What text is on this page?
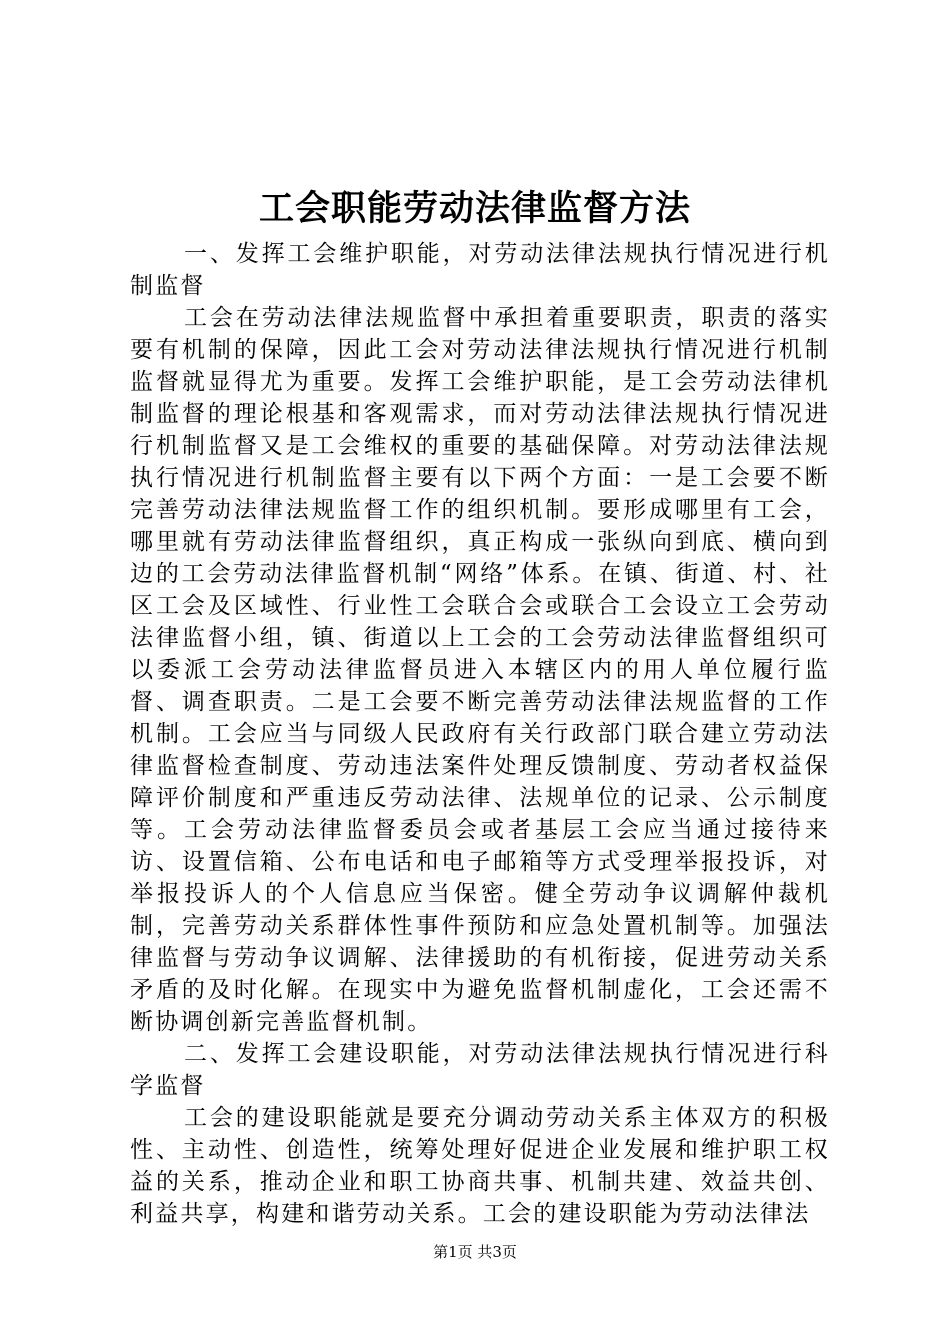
工会职能劳动法律监督方法

一、发挥工会维护职能，对劳动法律法规执行情况进行机制监督

工会在劳动法律法规监督中承担着重要职责，职责的落实要有机制的保障，因此工会对劳动法律法规执行情况进行机制监督就显得尤为重要。发挥工会维护职能，是工会劳动法律机制监督的理论根基和客观需求，而对劳动法律法规执行情况进行机制监督又是工会维权的重要的基础保障。对劳动法律法规执行情况进行机制监督主要有以下两个方面：一是工会要不断完善劳动法律法规监督工作的组织机制。要形成哪里有工会，哪里就有劳动法律监督组织，真正构成一张纵向到底、横向到边的工会劳动法律监督机制“网络”体系。在镇、街道、村、社区工会及区域性、行业性工会联合会或联合工会设立工会劳动法律监督小组，镇、街道以上工会的工会劳动法律监督组织可以委派工会劳动法律监督员进入本辖区内的用人单位履行监督、调查职责。二是工会要不断完善劳动法律法规监督的工作机制。工会应当与同级人民政府有关行政部门联合建立劳动法律监督检查制度、劳动违法案件处理反馈制度、劳动者权益保障评价制度和严重违反劳动法律、法规单位的记录、公示制度等。工会劳动法律监督委员会或者基层工会应当通过接待来访、设置信箱、公布电话和电子邮箱等方式受理举报投诉，对举报投诉人的个人信息应当保密。健全劳动争议调解仲裁机制，完善劳动关系群体性事件预防和应急处置机制等。加强法律监督与劳动争议调解、法律援助的有机衔接，促进劳动关系矛盾的及时化解。在现实中为避免监督机制虚化，工会还需不断协调创新完善监督机制。

二、发挥工会建设职能，对劳动法律法规执行情况进行科学监督

工会的建设职能就是要充分调动劳动关系主体双方的积极性、主动性、创造性，统筹处理好促进企业发展和维护职工权益的关系，推动企业和职工协商共事、机制共建、效益共创、利益共享，构建和谐劳动关系。工会的建设职能为劳动法律法

第1页 共3页
